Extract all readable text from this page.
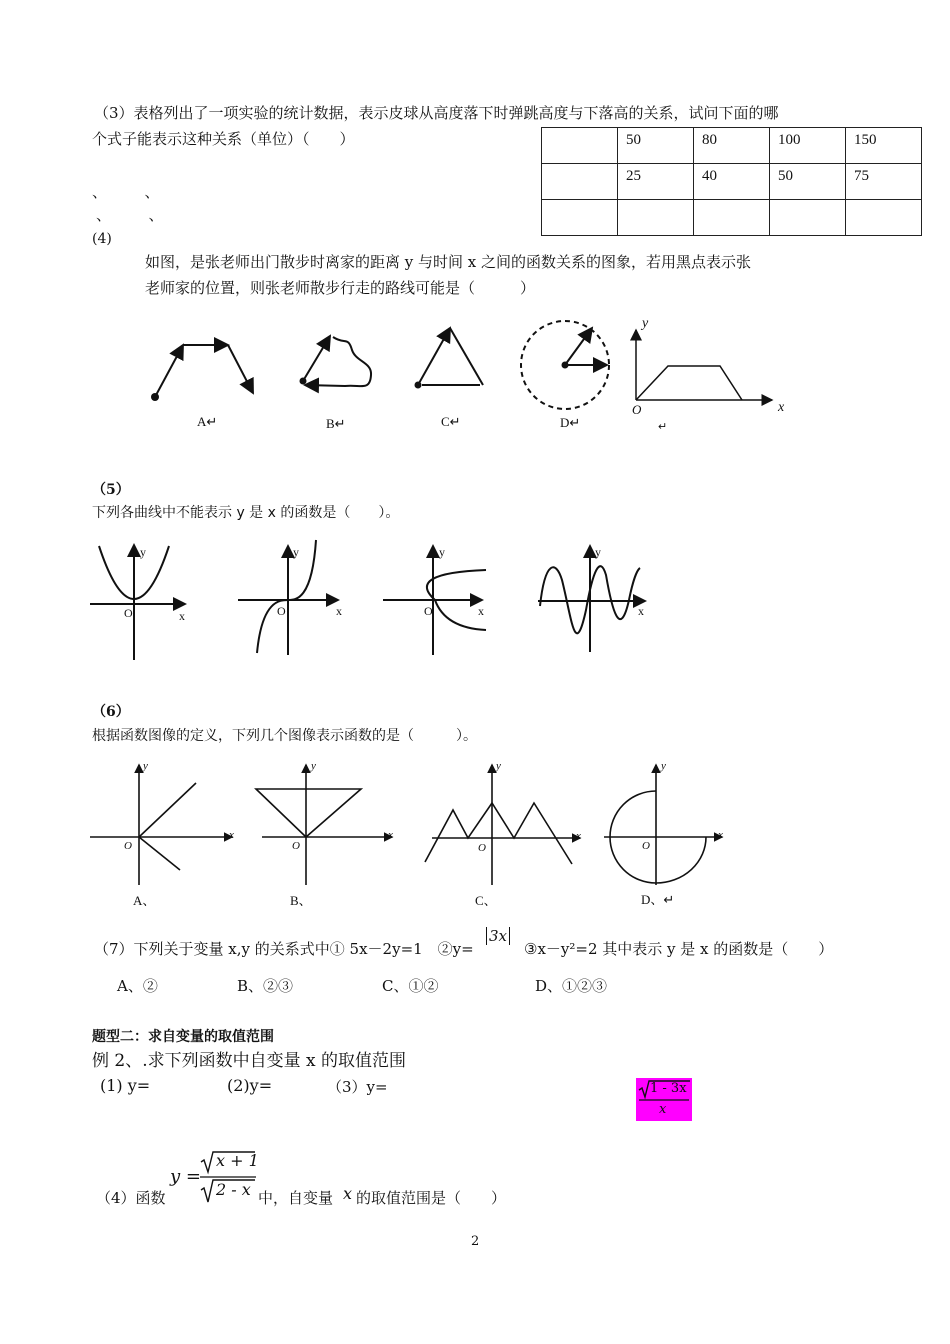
（3）表格列出了一项实验的统计数据，表示皮球从高度落下时弹跳高度与下落高的关系，试问下面的哪
个式子能表示这种关系（单位）（　　）
、　　　、
、　　　、
	50	80	100	150
	25	40	50	75

(4)
如图，是张老师出门散步时离家的距离 y 与时间 x 之间的函数关系的图象，若用黑点表示张
老师家的位置，则张老师散步行走的路线可能是（　　　）
A↵	B↵	C↵	D↵
y
x
O
↵
（5）
下列各曲线中不能表示 y 是 x 的函数是（　　）。
x
y
O	x
y
O	x
y
O	x
y
（6）
根据函数图像的定义，下列几个图像表示函数的是（　　　）。
A、	B、	C、	D、↵
x
y
O
x
y
O
x
y
O
x
y
O
（7）下列关于变量 x,y 的关系式中① 5x－2y=1　②y=
3x
③x－y²=2 其中表示 y 是 x 的函数是（　　）
A、②	B、②③	C、①②	D、①②③
题型二：求自变量的取值范围
例 2、.求下列函数中自变量 x 的取值范围
(1) y=	(2)y=	（3）y=	1 - 3x
x
y =
x + 1
2 - x
（4）函数	中，自变量 x 的取值范围是（　　）
2
